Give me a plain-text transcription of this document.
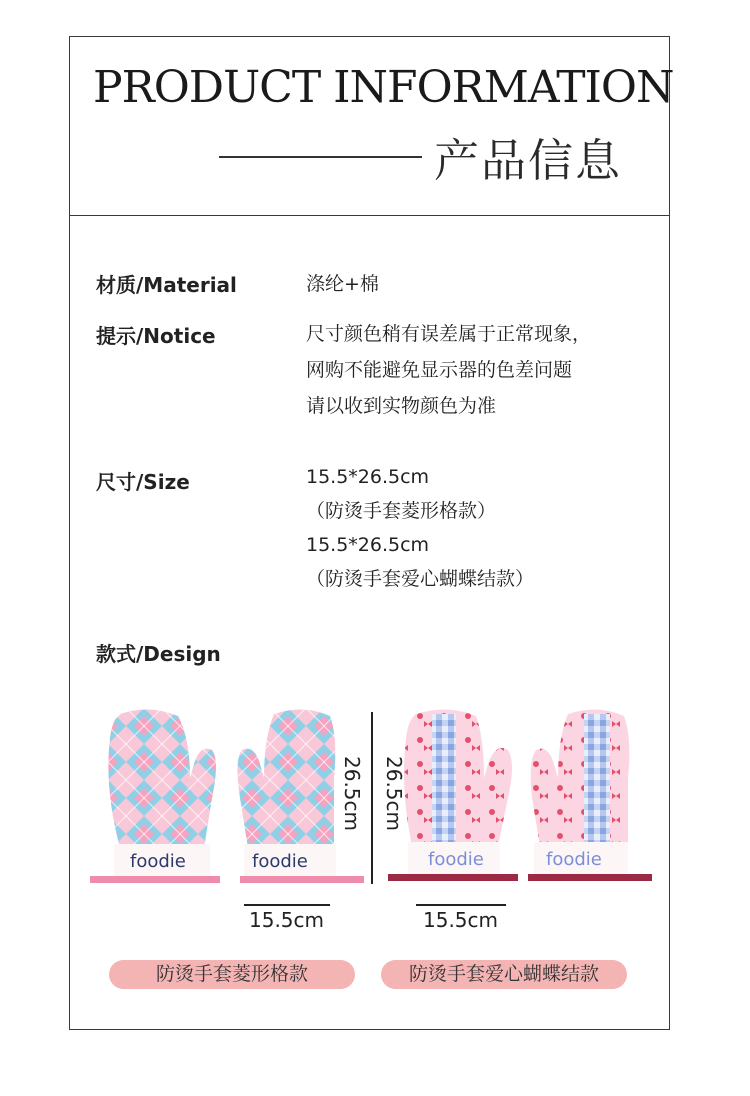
PRODUCT INFORMATION
产品信息
材质/Material	涤纶+棉
提示/Notice	尺寸颜色稍有误差属于正常现象，
网购不能避免显示器的色差问题
请以收到实物颜色为准
尺寸/Size	15.5*26.5cm
（防烫手套菱形格款）
15.5*26.5cm
（防烫手套爱心蝴蝶结款）
款式/Design
foodie	foodie	foodie	foodie
26.5cm 26.5cm
15.5cm	15.5cm
防烫手套菱形格款	防烫手套爱心蝴蝶结款
